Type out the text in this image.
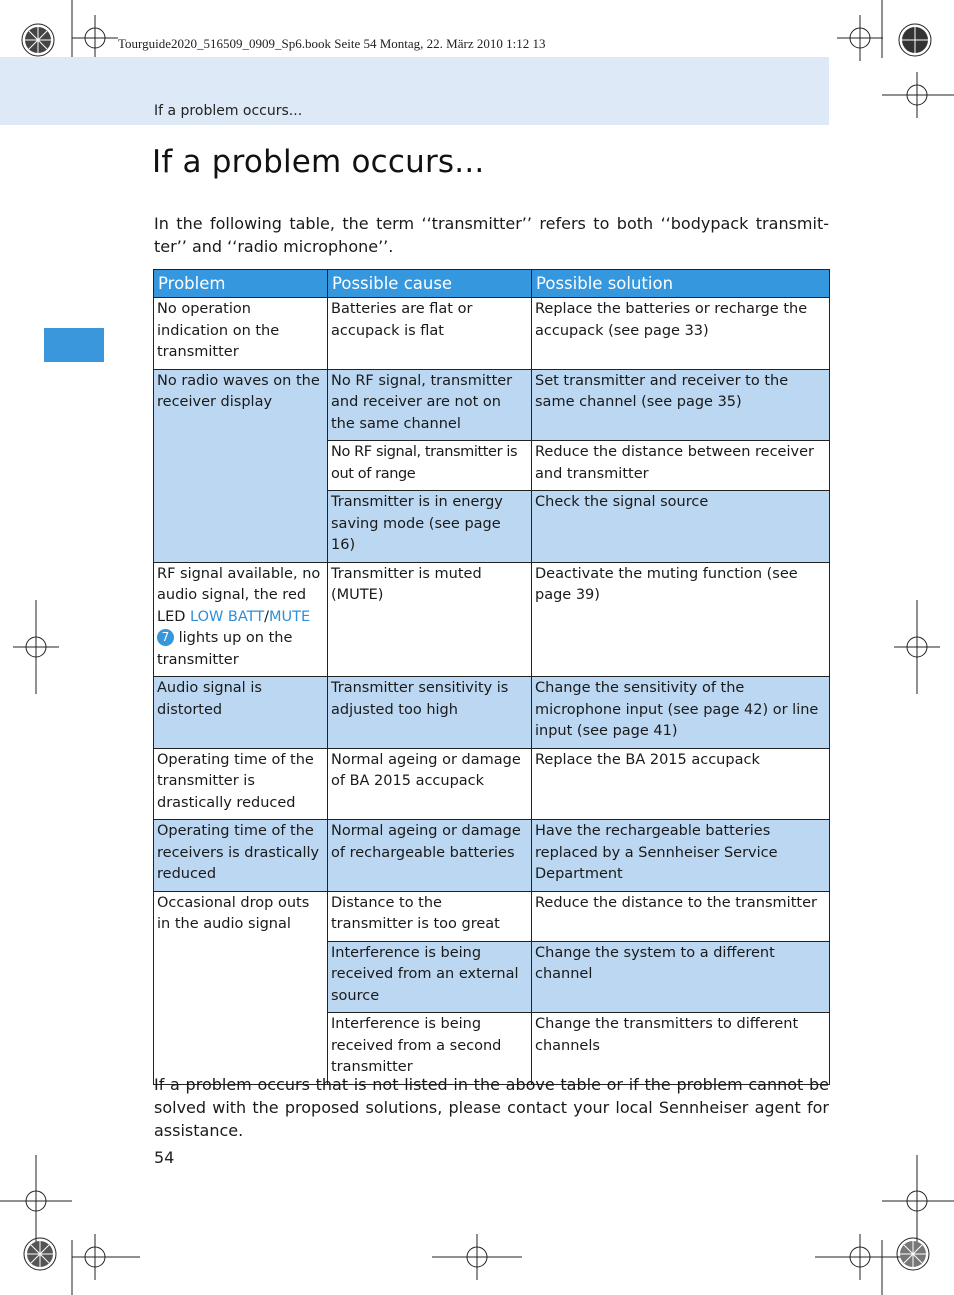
Tourguide2020_516509_0909_Sp6.book Seite 54 Montag, 22. März 2010 1:12 13
If a problem occurs...
If a problem occurs...

In the following table, the term ‘‘transmitter’’ refers to both ‘‘bodypack transmit-ter’’ and ‘‘radio microphone’’.

Problem	Possible cause	Possible solution
No operation indication on the transmitter	Batteries are flat or accupack is flat	Replace the batteries or recharge the accupack (see page 33)
No radio waves on the receiver display	No RF signal, transmitter and receiver are not on the same channel	Set transmitter and receiver to the same channel (see page 35)
	No RF signal, transmitter is out of range	Reduce the distance between receiver and transmitter
	Transmitter is in energy saving mode (see page 16)	Check the signal source
RF signal available, no audio signal, the red LED LOW BATT/MUTE 7 lights up on the transmitter	Transmitter is muted (MUTE)	Deactivate the muting function (see page 39)
Audio signal is distorted	Transmitter sensitivity is adjusted too high	Change the sensitivity of the microphone input (see page 42) or line input (see page 41)
Operating time of the transmitter is drastically reduced	Normal ageing or damage of BA 2015 accupack	Replace the BA 2015 accupack
Operating time of the receivers is drastically reduced	Normal ageing or damage of rechargeable batteries	Have the rechargeable batteries replaced by a Sennheiser Service Department
Occasional drop outs in the audio signal	Distance to the transmitter is too great	Reduce the distance to the transmitter
	Interference is being received from an external source	Change the system to a different channel
	Interference is being received from a second transmitter	Change the transmitters to different channels

If a problem occurs that is not listed in the above table or if the problem cannot be solved with the proposed solutions, please contact your local Sennheiser agent for assistance.

54
